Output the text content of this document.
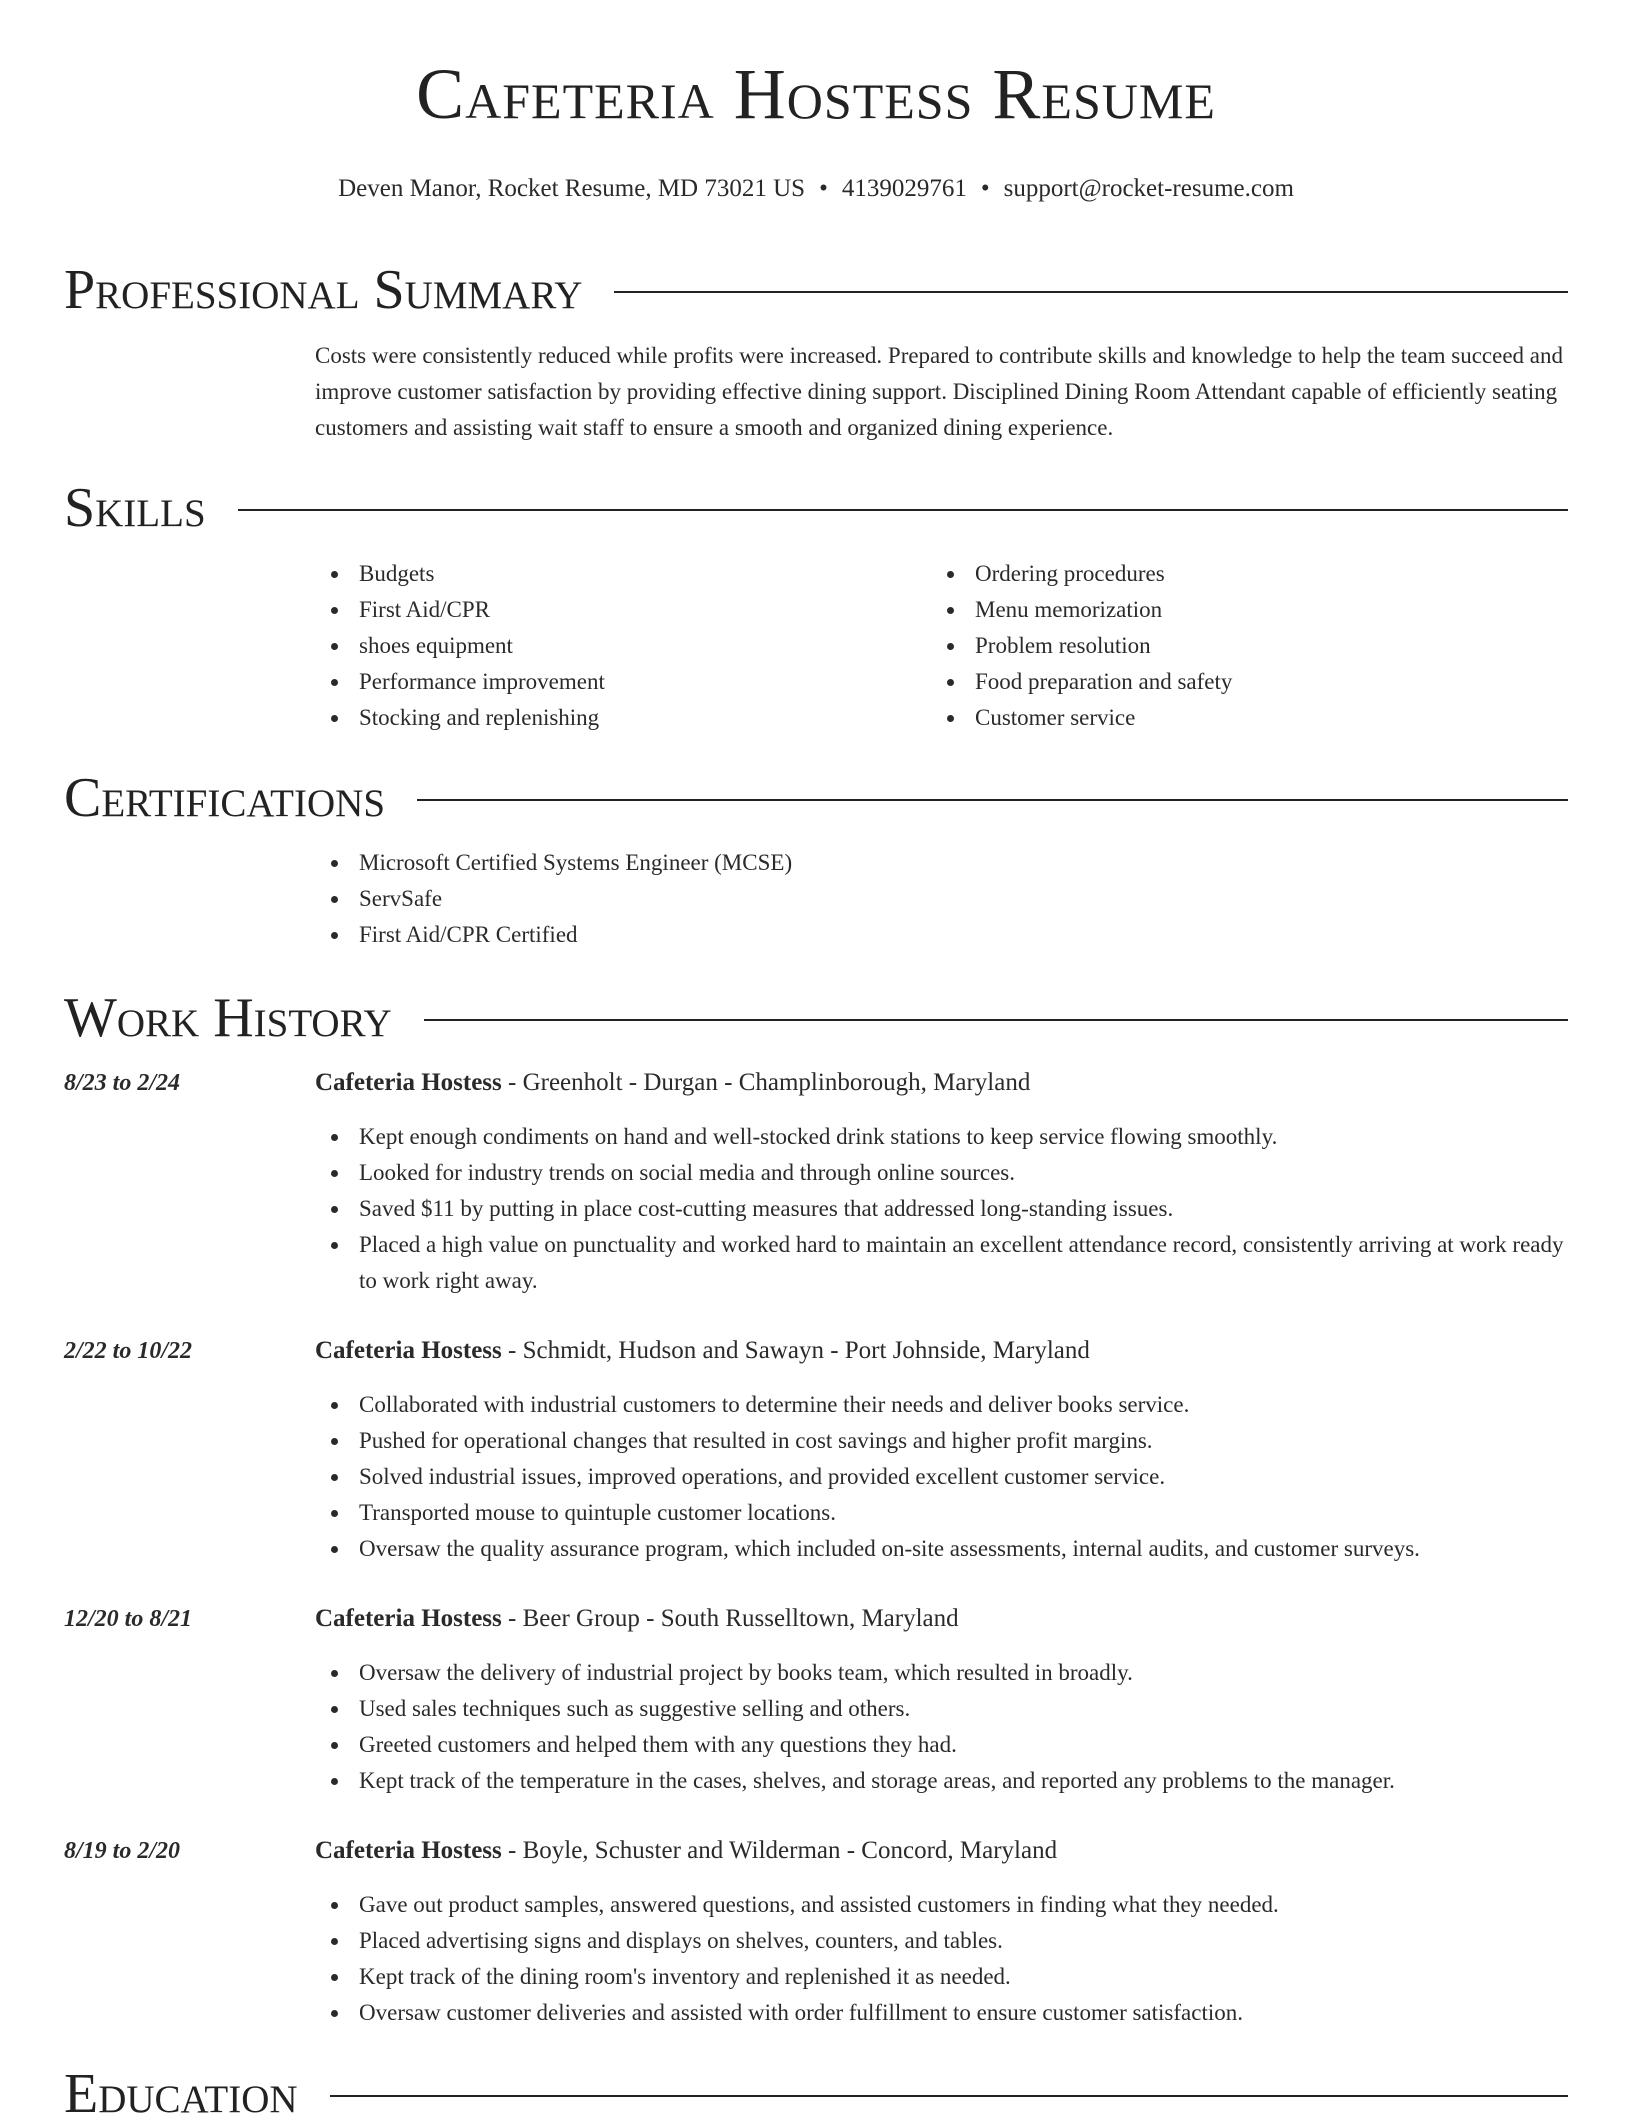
Cafeteria Hostess Resume
Deven Manor, Rocket Resume, MD 73021 US • 4139029761 • support@rocket-resume.com
Professional Summary

Costs were consistently reduced while profits were increased. Prepared to contribute skills and knowledge to help the team succeed and improve customer satisfaction by providing effective dining support. Disciplined Dining Room Attendant capable of efficiently seating customers and assisting wait staff to ensure a smooth and organized dining experience.

Skills
Budgets
First Aid/CPR
shoes equipment
Performance improvement
Stocking and replenishing
Ordering procedures
Menu memorization
Problem resolution
Food preparation and safety
Customer service
Certifications
Microsoft Certified Systems Engineer (MCSE)
ServSafe
First Aid/CPR Certified
Work History
8/23 to 2/24	Cafeteria Hostess - Greenholt - Durgan - Champlinborough, Maryland
Kept enough condiments on hand and well-stocked drink stations to keep service flowing smoothly.
Looked for industry trends on social media and through online sources.
Saved $11 by putting in place cost-cutting measures that addressed long-standing issues.
Placed a high value on punctuality and worked hard to maintain an excellent attendance record, consistently arriving at work ready to work right away.
2/22 to 10/22	Cafeteria Hostess - Schmidt, Hudson and Sawayn - Port Johnside, Maryland
Collaborated with industrial customers to determine their needs and deliver books service.
Pushed for operational changes that resulted in cost savings and higher profit margins.
Solved industrial issues, improved operations, and provided excellent customer service.
Transported mouse to quintuple customer locations.
Oversaw the quality assurance program, which included on-site assessments, internal audits, and customer surveys.
12/20 to 8/21	Cafeteria Hostess - Beer Group - South Russelltown, Maryland
Oversaw the delivery of industrial project by books team, which resulted in broadly.
Used sales techniques such as suggestive selling and others.
Greeted customers and helped them with any questions they had.
Kept track of the temperature in the cases, shelves, and storage areas, and reported any problems to the manager.
8/19 to 2/20	Cafeteria Hostess - Boyle, Schuster and Wilderman - Concord, Maryland
Gave out product samples, answered questions, and assisted customers in finding what they needed.
Placed advertising signs and displays on shelves, counters, and tables.
Kept track of the dining room's inventory and replenished it as needed.
Oversaw customer deliveries and assisted with order fulfillment to ensure customer satisfaction.
Education
